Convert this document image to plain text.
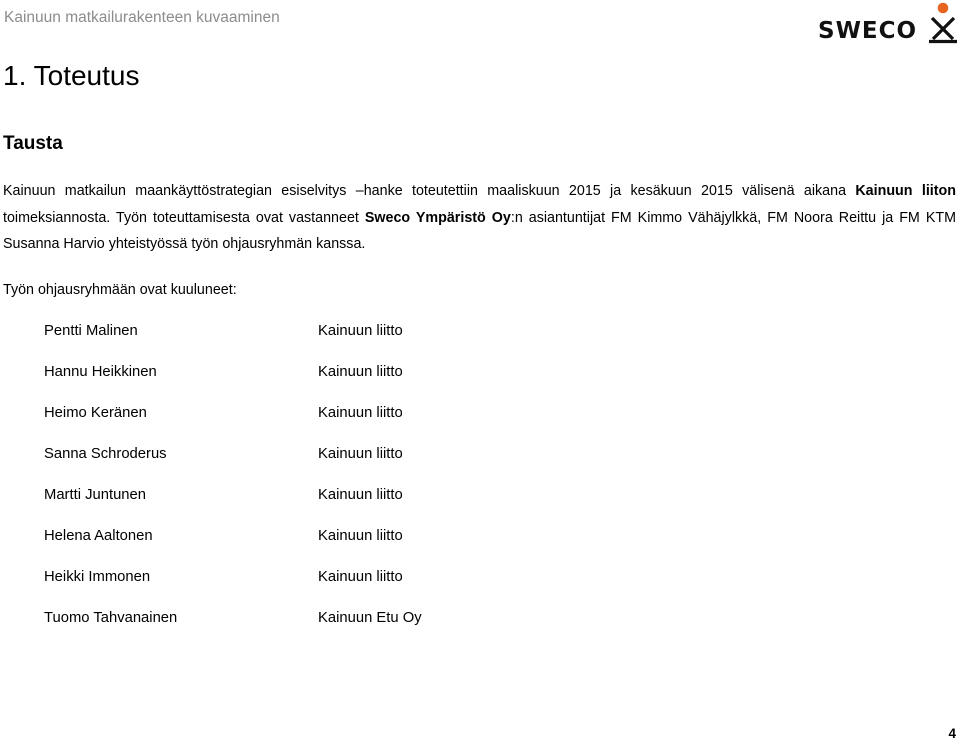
Kainuun matkailurakenteen kuvaaminen
SWECO
1. Toteutus
Tausta

Kainuun matkailun maankäyttöstrategian esiselvitys –hanke toteutettiin maaliskuun 2015 ja kesäkuun 2015 välisenä aikana Kainuun liiton toimeksiannosta. Työn toteuttamisesta ovat vastanneet Sweco Ympäristö Oy:n asiantuntijat FM Kimmo Vähäjylkkä, FM Noora Reittu ja FM KTM Susanna Harvio yhteistyössä työn ohjausryhmän kanssa.

Työn ohjausryhmään ovat kuuluneet:

Pentti Malinen	Kainuun liitto
Hannu Heikkinen	Kainuun liitto
Heimo Keränen	Kainuun liitto
Sanna Schroderus	Kainuun liitto
Martti Juntunen	Kainuun liitto
Helena Aaltonen	Kainuun liitto
Heikki Immonen	Kainuun liitto
Tuomo Tahvanainen	Kainuun Etu Oy
4
